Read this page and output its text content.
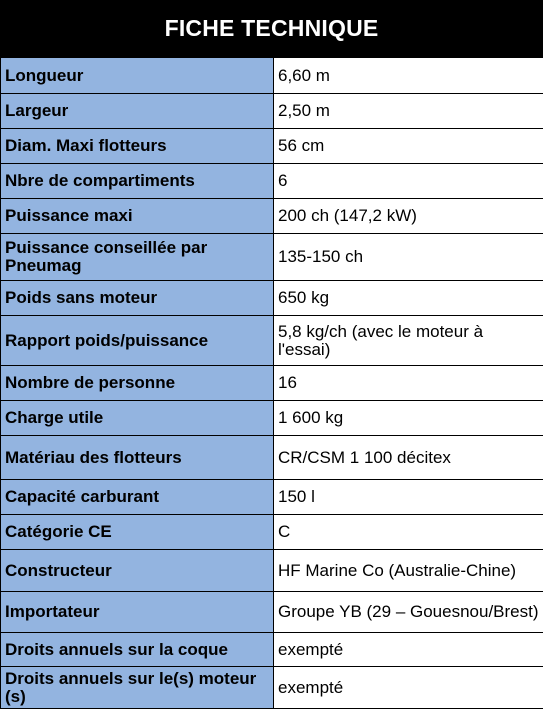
FICHE TECHNIQUE
Longueur	6,60 m
Largeur	2,50 m
Diam. Maxi flotteurs	56 cm
Nbre de compartiments	6
Puissance maxi	200 ch (147,2 kW)
Puissance conseillée par Pneumag	135-150 ch
Poids sans moteur	650 kg
Rapport poids/puissance	5,8 kg/ch (avec le moteur à l'essai)
Nombre de personne	16
Charge utile	1 600 kg
Matériau des flotteurs	CR/CSM 1 100 décitex
Capacité carburant	150 l
Catégorie CE	C
Constructeur	HF Marine Co (Australie-Chine)
Importateur	Groupe YB (29 – Gouesnou/Brest)
Droits annuels sur la coque	exempté
Droits annuels sur le(s) moteur (s)	exempté
